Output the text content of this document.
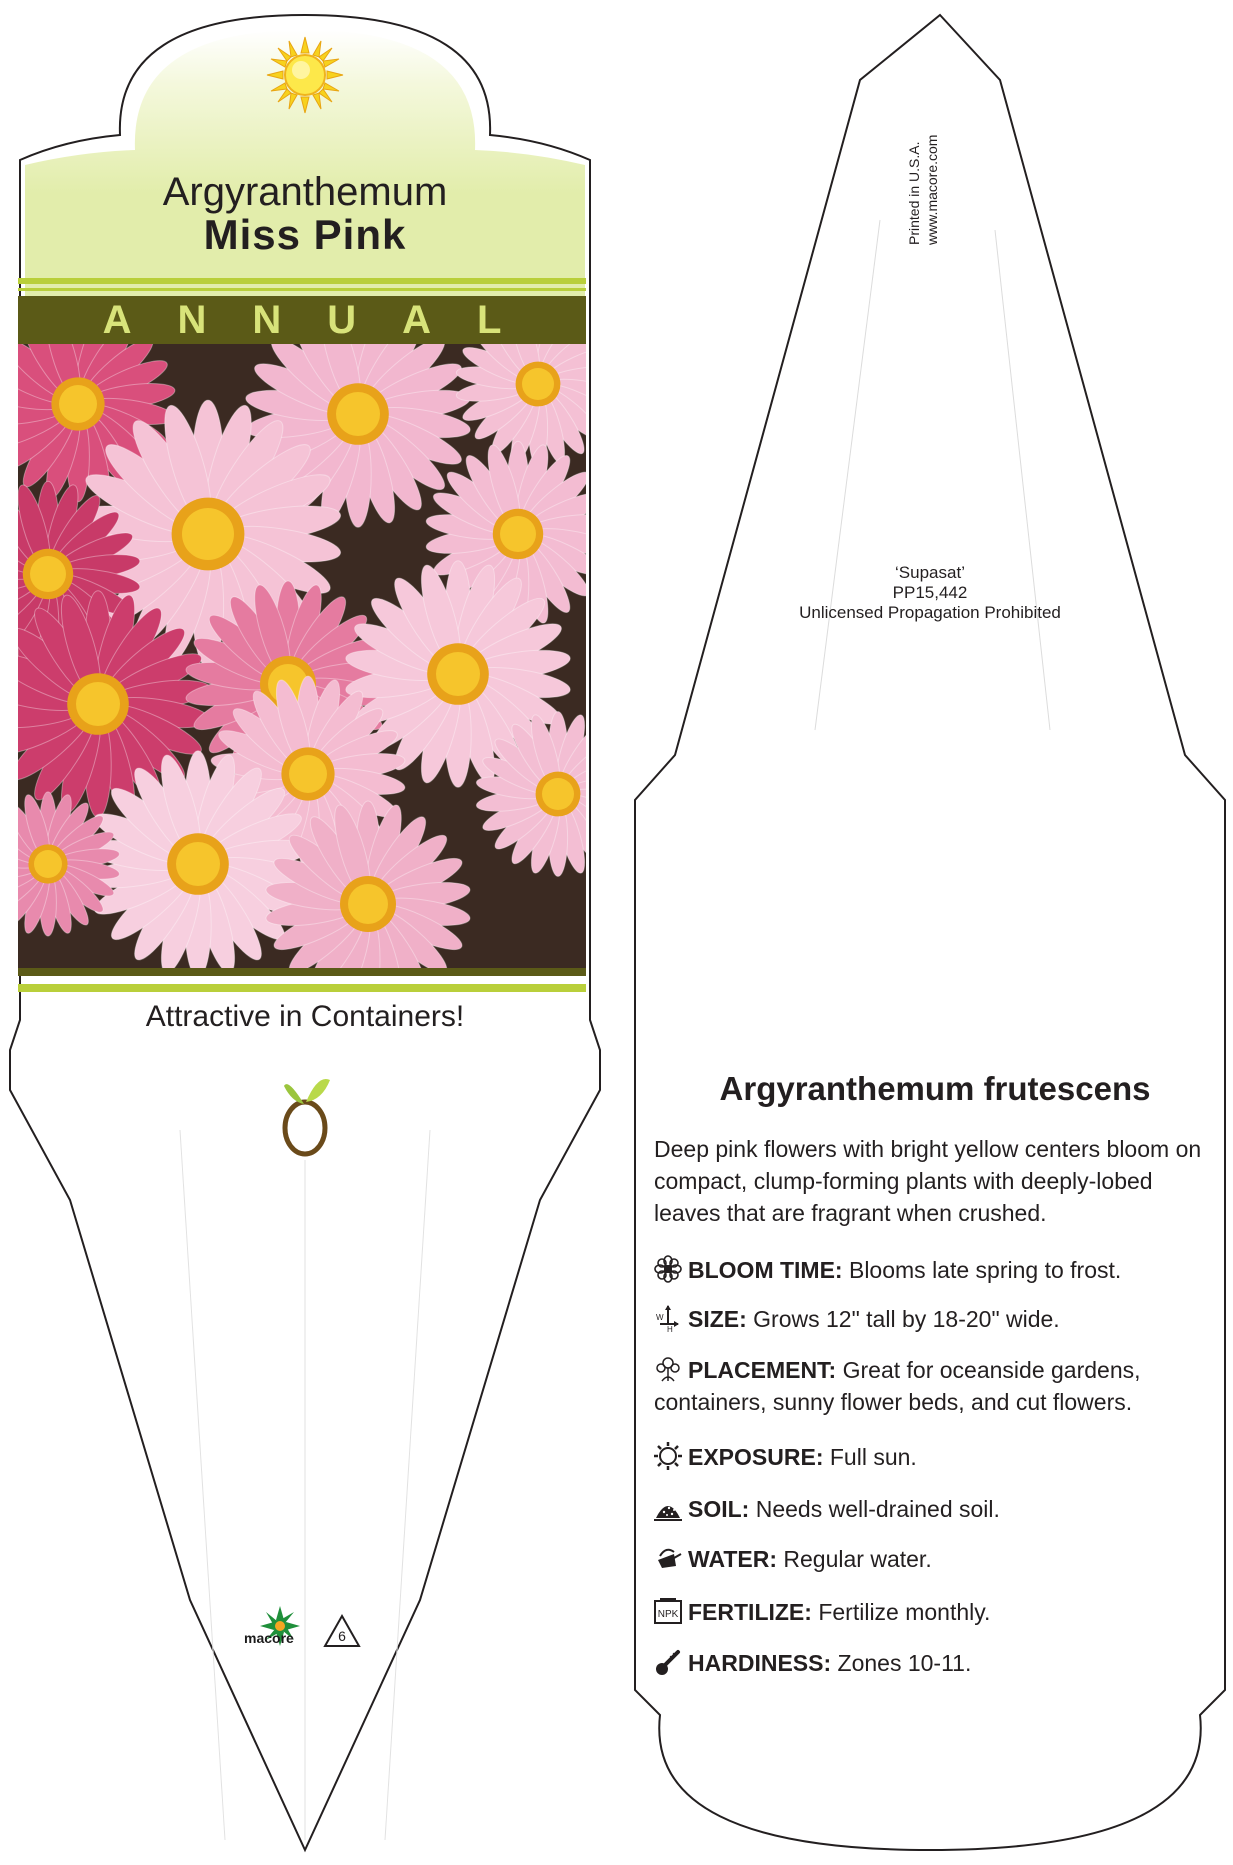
Argyranthemum
Miss Pink
ANNUAL
Attractive in Containers!
macore	6
Printed in U.S.A. www.macore.com
‘Supasat’
PP15,442
Unlicensed Propagation Prohibited
Argyranthemum frutescens
Deep pink flowers with bright yellow centers bloom on compact, clump-forming plants with deeply-lobed leaves that are fragrant when crushed.
BLOOM TIME: Blooms late spring to frost.
W
H SIZE: Grows 12" tall by 18-20" wide.
PLACEMENT: Great for oceanside gardens, containers, sunny flower beds, and cut flowers.
EXPOSURE: Full sun.
SOIL: Needs well-drained soil.
WATER: Regular water.
NPK FERTILIZE: Fertilize monthly.
HARDINESS: Zones 10-11.
